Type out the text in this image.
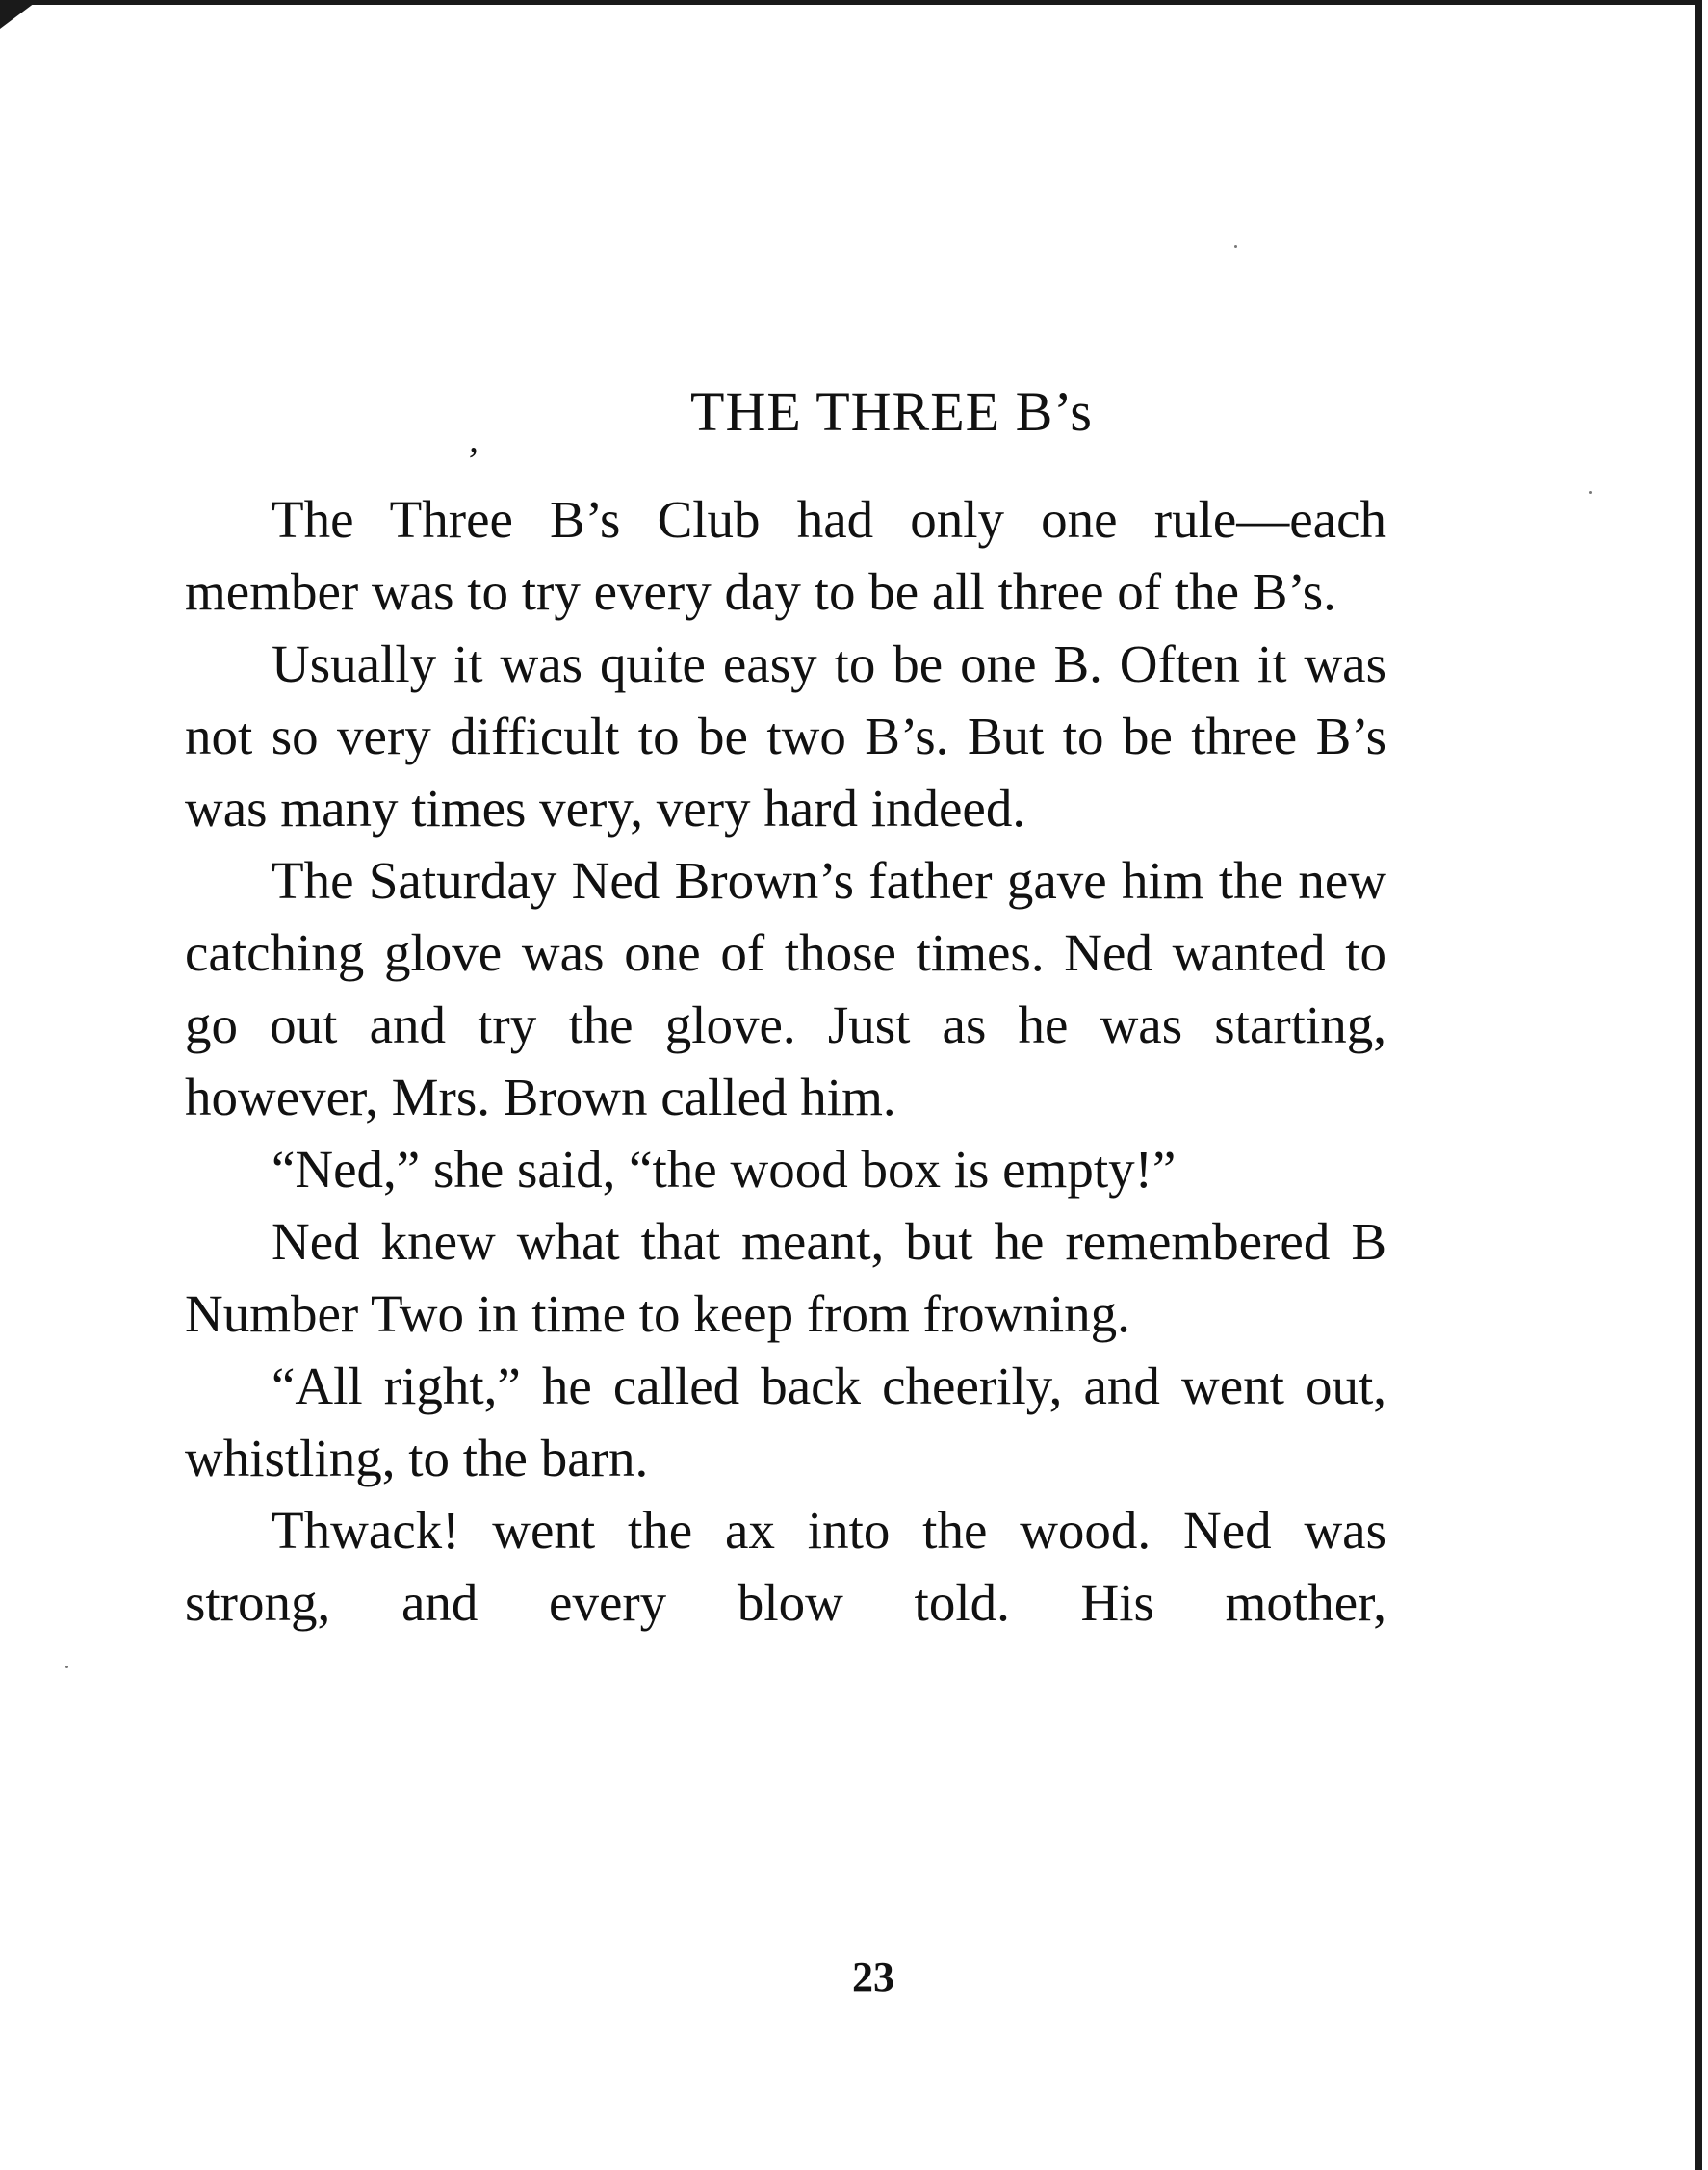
,	THE THREE B’s

The Three B’s Club had only one rule—each member was to try every day to be all three of the B’s.

Usually it was quite easy to be one B. Often it was not so very difficult to be two B’s. But to be three B’s was many times very, very hard indeed.

The Saturday Ned Brown’s father gave him the new catching glove was one of those times. Ned wanted to go out and try the glove. Just as he was starting, however, Mrs. Brown called him.

“Ned,” she said, “the wood box is empty!”

Ned knew what that meant, but he remembered B Number Two in time to keep from frowning.

“All right,” he called back cheerily, and went out, whistling, to the barn.

Thwack! went the ax into the wood. Ned was strong, and every blow told. His mother,

23
